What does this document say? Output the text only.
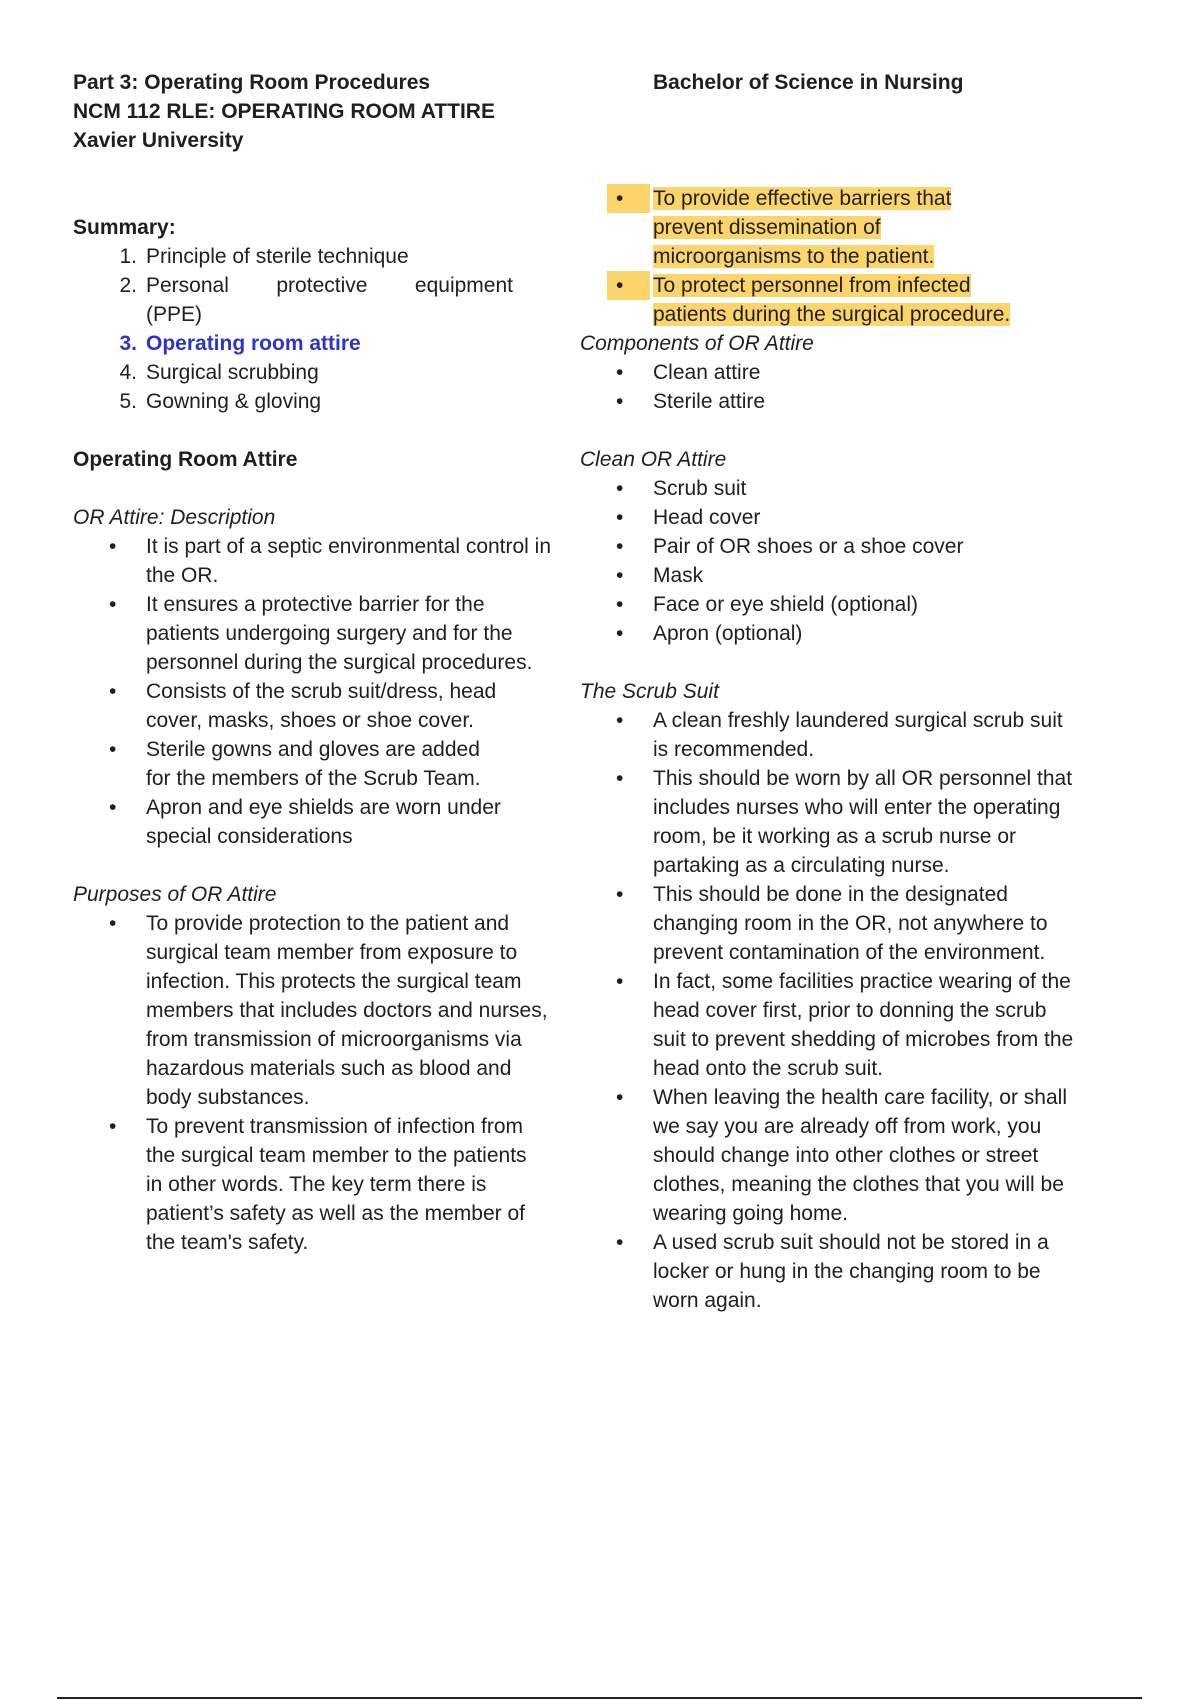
Part 3: Operating Room Procedures

NCM 112 RLE: OPERATING ROOM ATTIRE

Xavier University

Summary:

1. Principle of sterile technique
2. Personal protective equipment
(PPE)
3. Operating room attire
4. Surgical scrubbing
5. Gowning & gloving

Operating Room Attire

OR Attire: Description

• It is part of a septic environmental control in the OR.
• It ensures a protective barrier for the patients undergoing surgery and for the personnel during the surgical procedures.
• Consists of the scrub suit/dress, head cover, masks, shoes or shoe cover.
• Sterile gowns and gloves are added for the members of the Scrub Team.
• Apron and eye shields are worn under special considerations

Purposes of OR Attire

• To provide protection to the patient and surgical team member from exposure to infection. This protects the surgical team members that includes doctors and nurses, from transmission of microorganisms via hazardous materials such as blood and body substances.
• To prevent transmission of infection from the surgical team member to the patients in other words. The key term there is patient’s safety as well as the member of the team's safety.

Bachelor of Science in Nursing

•	To provide effective barriers that prevent dissemination of microorganisms to the patient.
•	To protect personnel from infected patients during the surgical procedure.

Components of OR Attire

• Clean attire
• Sterile attire

Clean OR Attire

• Scrub suit
• Head cover
• Pair of OR shoes or a shoe cover
• Mask
• Face or eye shield (optional)
• Apron (optional)

The Scrub Suit

• A clean freshly laundered surgical scrub suit is recommended.
• This should be worn by all OR personnel that includes nurses who will enter the operating room, be it working as a scrub nurse or partaking as a circulating nurse.
• This should be done in the designated changing room in the OR, not anywhere to prevent contamination of the environment.
• In fact, some facilities practice wearing of the head cover first, prior to donning the scrub suit to prevent shedding of microbes from the head onto the scrub suit.
• When leaving the health care facility, or shall we say you are already off from work, you should change into other clothes or street clothes, meaning the clothes that you will be wearing going home.
• A used scrub suit should not be stored in a locker or hung in the changing room to be worn again.
